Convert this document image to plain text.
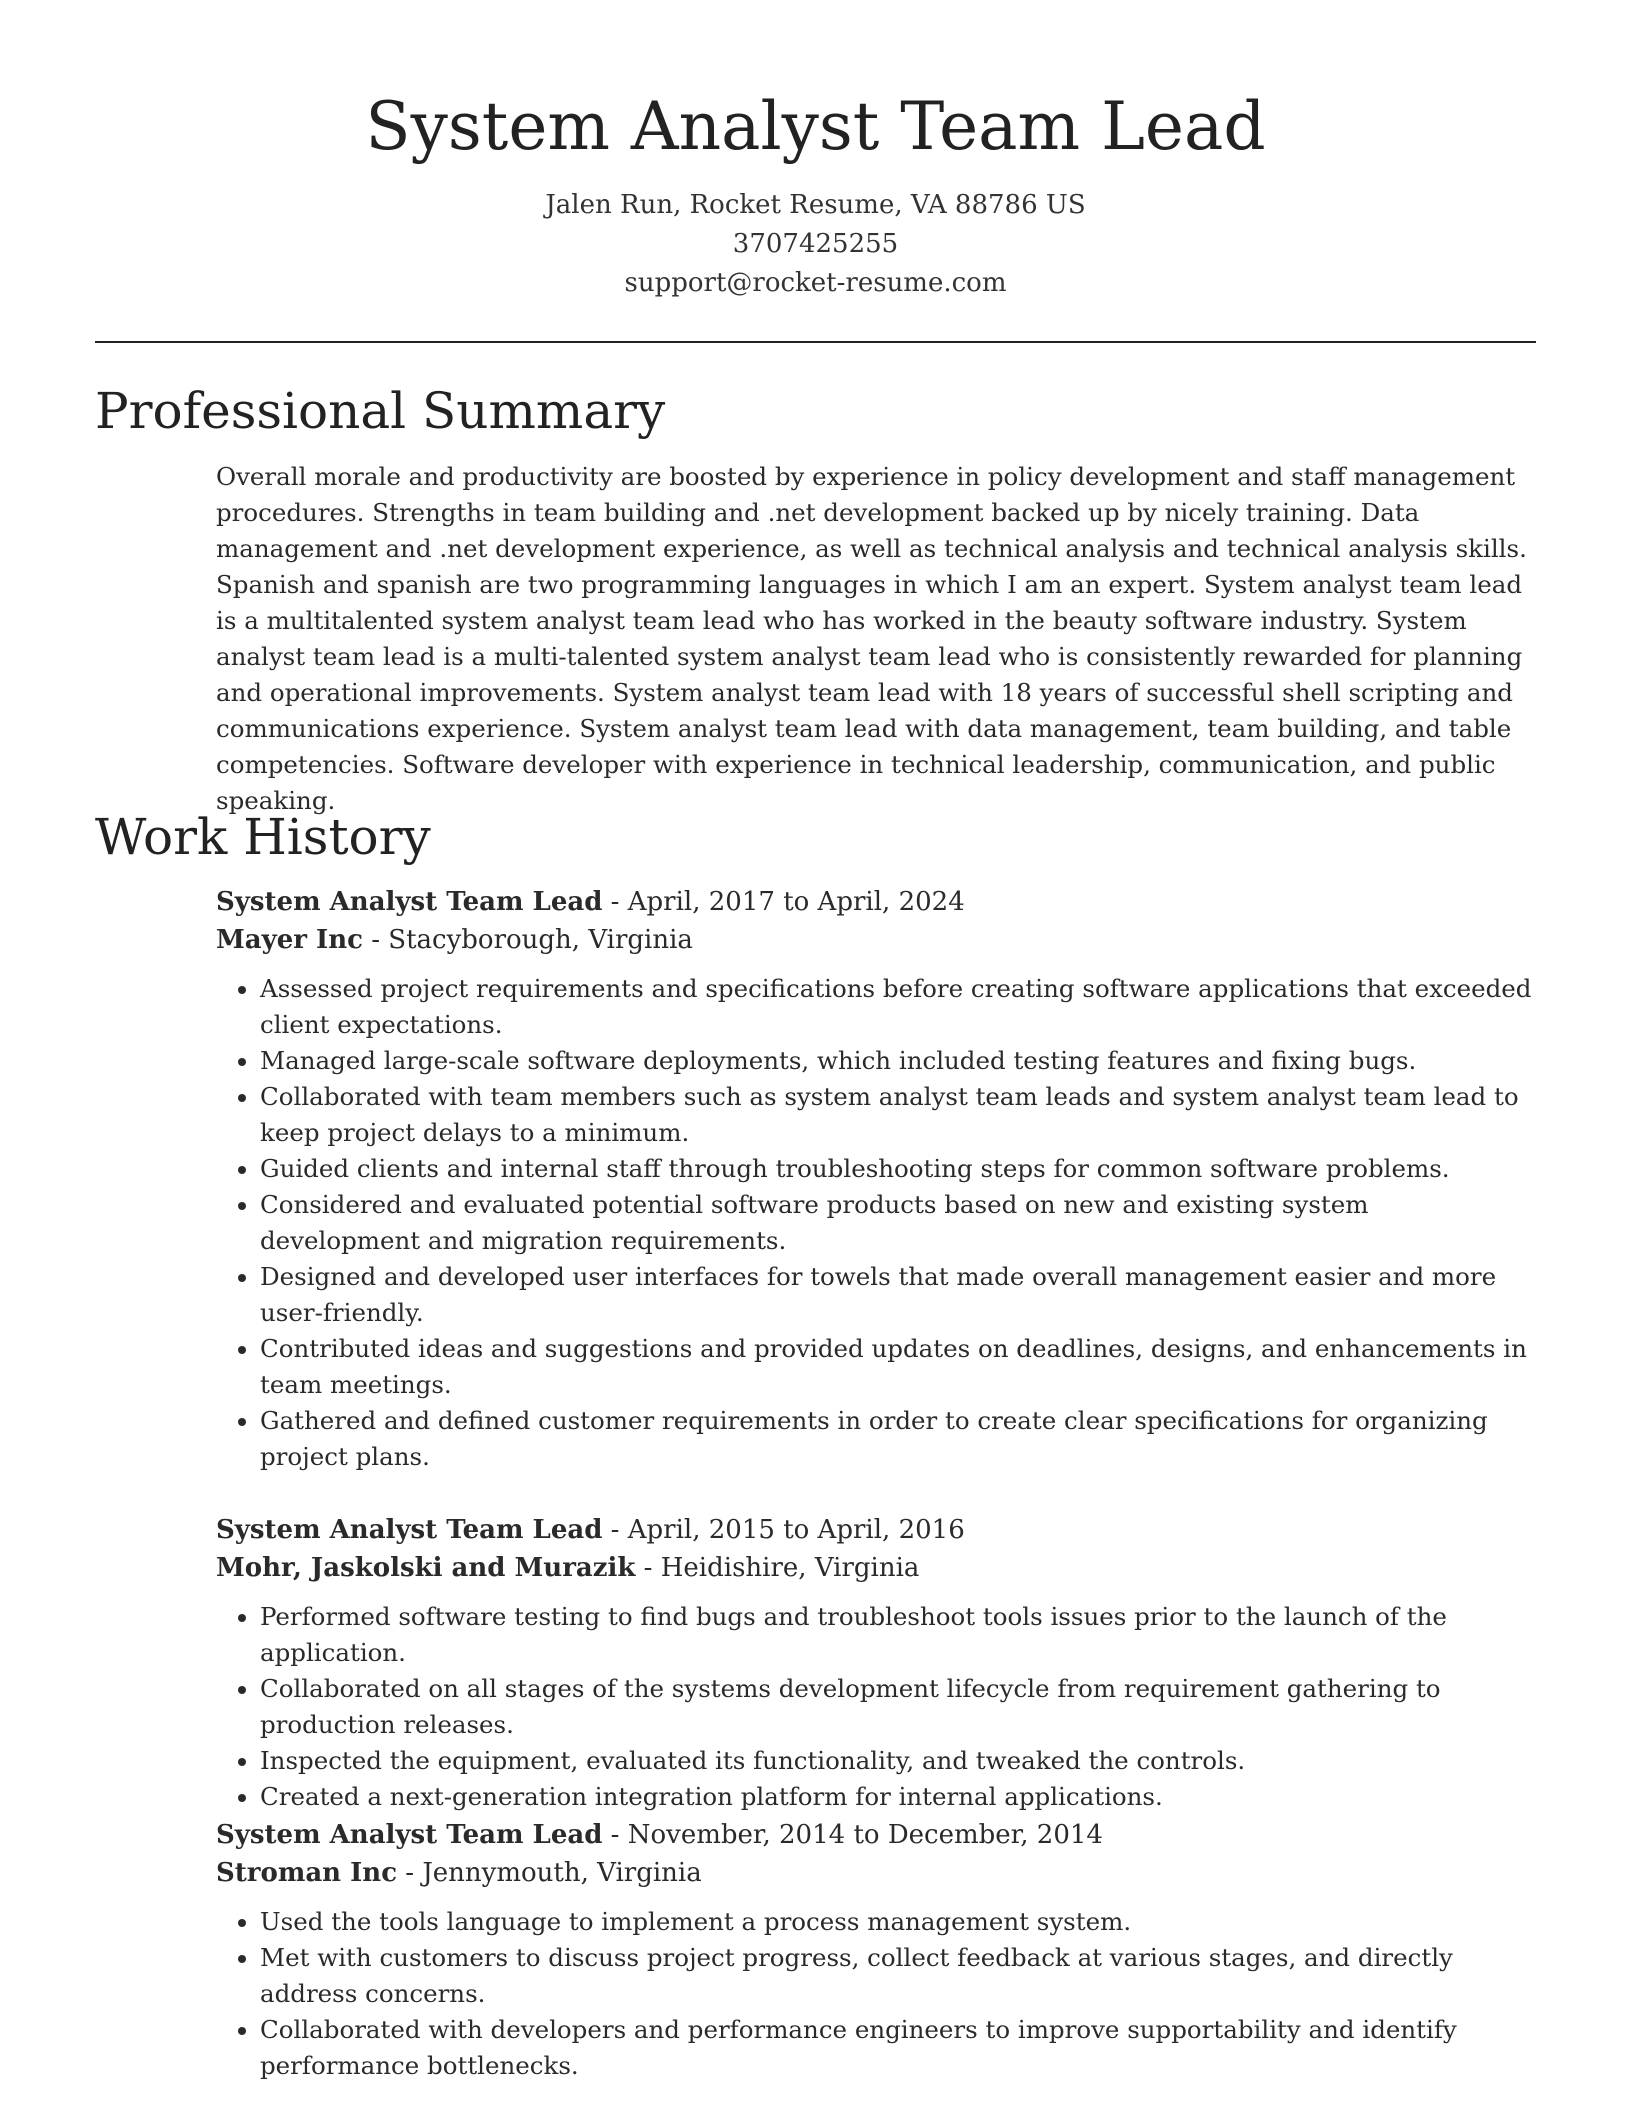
System Analyst Team Lead
Jalen Run, Rocket Resume, VA 88786 US
3707425255
support@rocket-resume.com
Professional Summary

Overall morale and productivity are boosted by experience in policy development and staff management procedures. Strengths in team building and .net development backed up by nicely training. Data management and .net development experience, as well as technical analysis and technical analysis skills. Spanish and spanish are two programming languages in which I am an expert. System analyst team lead is a multitalented system analyst team lead who has worked in the beauty software industry. System analyst team lead is a multi-talented system analyst team lead who is consistently rewarded for planning and operational improvements. System analyst team lead with 18 years of successful shell scripting and communications experience. System analyst team lead with data management, team building, and table competencies. Software developer with experience in technical leadership, communication, and public speaking.

Work History
System Analyst Team Lead - April, 2017 to April, 2024
Mayer Inc - Stacyborough, Virginia
• Assessed project requirements and specifications before creating software applications that exceeded client expectations.
• Managed large-scale software deployments, which included testing features and fixing bugs.
• Collaborated with team members such as system analyst team leads and system analyst team lead to keep project delays to a minimum.
• Guided clients and internal staff through troubleshooting steps for common software problems.
• Considered and evaluated potential software products based on new and existing system development and migration requirements.
• Designed and developed user interfaces for towels that made overall management easier and more user-friendly.
• Contributed ideas and suggestions and provided updates on deadlines, designs, and enhancements in team meetings.
• Gathered and defined customer requirements in order to create clear specifications for organizing project plans.
System Analyst Team Lead - April, 2015 to April, 2016
Mohr, Jaskolski and Murazik - Heidishire, Virginia
• Performed software testing to find bugs and troubleshoot tools issues prior to the launch of the application.
• Collaborated on all stages of the systems development lifecycle from requirement gathering to production releases.
• Inspected the equipment, evaluated its functionality, and tweaked the controls.
• Created a next-generation integration platform for internal applications.
System Analyst Team Lead - November, 2014 to December, 2014
Stroman Inc - Jennymouth, Virginia
• Used the tools language to implement a process management system.
• Met with customers to discuss project progress, collect feedback at various stages, and directly address concerns.
• Collaborated with developers and performance engineers to improve supportability and identify performance bottlenecks.
